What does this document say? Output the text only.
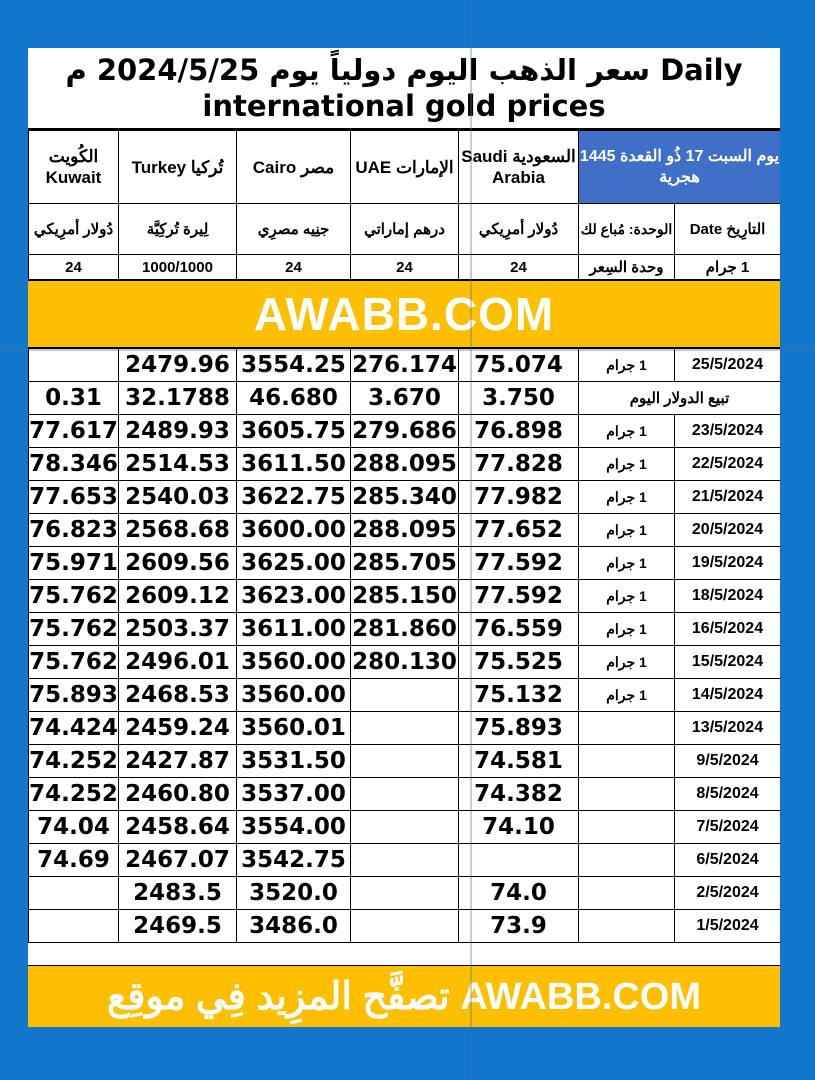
سعر الذهب اليوم دولياً يوم 2024/5/25 م Daily international gold prices
يوم السبت 17 ذُو القعدة 1445 هجرية		السعودية Saudi Arabia	الإمارات UAE	مصر Cairo	تُركيا Turkey	الكُويت Kuwait
التارِيخ Date	الوحدة: مُباع لك	دُولار أمرِيكي	درهم إماراتي	جنِيه مصرِي	لِيرة تُركِيَّة	دُولار أمرِيكي
1 جرام	وحدة السِعر	24	24	24	1000/1000	24
AWABB.COM
25/5/2024	1 جرام	75.074	276.174	3554.25	2479.96	
تبيع الدولار اليوم		3.750	3.670	46.680	32.1788	0.31
23/5/2024	1 جرام	76.898	279.686	3605.75	2489.93	77.617
22/5/2024	1 جرام	77.828	288.095	3611.50	2514.53	78.346
21/5/2024	1 جرام	77.982	285.340	3622.75	2540.03	77.653
20/5/2024	1 جرام	77.652	288.095	3600.00	2568.68	76.823
19/5/2024	1 جرام	77.592	285.705	3625.00	2609.56	75.971
18/5/2024	1 جرام	77.592	285.150	3623.00	2609.12	75.762
16/5/2024	1 جرام	76.559	281.860	3611.00	2503.37	75.762
15/5/2024	1 جرام	75.525	280.130	3560.00	2496.01	75.762
14/5/2024	1 جرام	75.132		3560.00	2468.53	75.893
13/5/2024		75.893		3560.01	2459.24	74.424
9/5/2024		74.581		3531.50	2427.87	74.252
8/5/2024		74.382		3537.00	2460.80	74.252
7/5/2024		74.10		3554.00	2458.64	74.04
6/5/2024				3542.75	2467.07	74.69
2/5/2024		74.0		3520.0	2483.5	
1/5/2024		73.9		3486.0	2469.5	
تصفَّح المزِيد فِي موقِع AWABB.COM
